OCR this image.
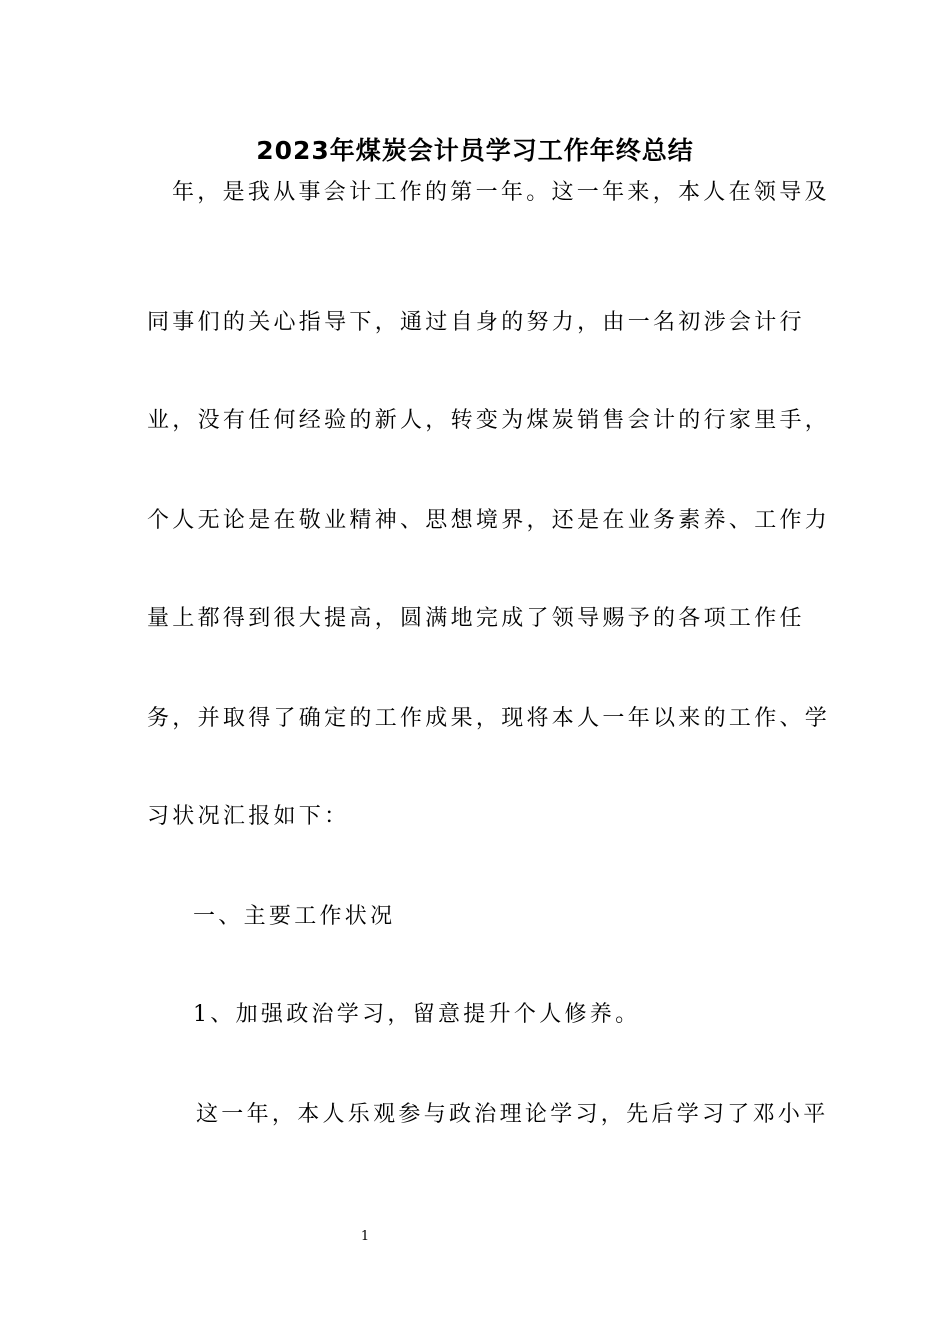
2023年煤炭会计员学习工作年终总结
年，是我从事会计工作的第一年。这一年来，本人在领导及
同事们的关心指导下，通过自身的努力，由一名初涉会计行
业，没有任何经验的新人，转变为煤炭销售会计的行家里手，
个人无论是在敬业精神、思想境界，还是在业务素养、工作力
量上都得到很大提高，圆满地完成了领导赐予的各项工作任
务，并取得了确定的工作成果，现将本人一年以来的工作、学
习状况汇报如下：
一、主要工作状况
1、加强政治学习，留意提升个人修养。
这一年，本人乐观参与政治理论学习，先后学习了邓小平
1
